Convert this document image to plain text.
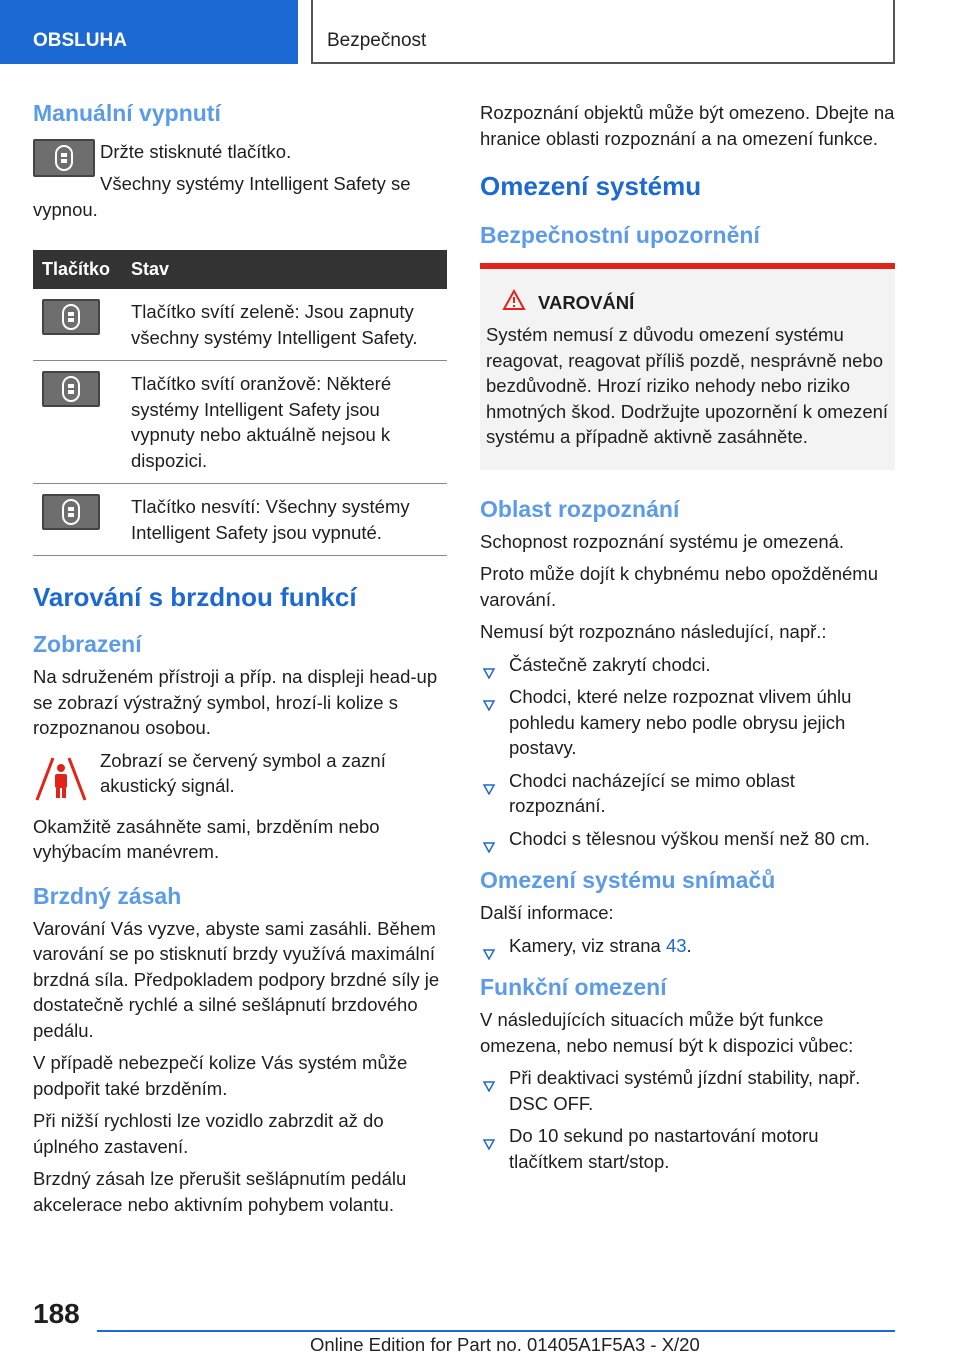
OBSLUHA	Bezpečnost
Manuální vypnutí

Držte stisknuté tlačítko.

Všechny systémy Intelligent Safety se vypnou.

Tlačítko	Stav

	Tlačítko svítí zeleně: Jsou zapnuty všechny systémy Intelligent Safety.

	Tlačítko svítí oranžově: Některé systémy Intelligent Safety jsou vypnuty nebo aktuálně nejsou k dispozici.

	Tlačítko nesvítí: Všechny systémy Intelligent Safety jsou vypnuté.
Varování s brzdnou funkcí
Zobrazení

Na sdruženém přístroji a příp. na displeji head-up se zobrazí výstražný symbol, hrozí-li kolize s rozpoznanou osobou.

Zobrazí se červený symbol a zazní akustický signál.

Okamžitě zasáhněte sami, brzděním nebo vyhýbacím manévrem.

Brzdný zásah

Varování Vás vyzve, abyste sami zasáhli. Během varování se po stisknutí brzdy využívá maximální brzdná síla. Předpokladem podpory brzdné síly je dostatečně rychlé a silné sešlápnutí brzdového pedálu.

V případě nebezpečí kolize Vás systém může podpořit také brzděním.

Při nižší rychlosti lze vozidlo zabrzdit až do úplného zastavení.

Brzdný zásah lze přerušit sešlápnutím pedálu akcelerace nebo aktivním pohybem volantu.

Rozpoznání objektů může být omezeno. Dbejte na hranice oblasti rozpoznání a na omezení funkce.

Omezení systému
Bezpečnostní upozornění
VAROVÁNÍ

Systém nemusí z důvodu omezení systému reagovat, reagovat příliš pozdě, nesprávně nebo bezdůvodně. Hrozí riziko nehody nebo riziko hmotných škod. Dodržujte upozornění k omezení systému a případně aktivně zasáhněte.

Oblast rozpoznání

Schopnost rozpoznání systému je omezená.

Proto může dojít k chybnému nebo opožděnému varování.

Nemusí být rozpoznáno následující, např.:

Částečně zakrytí chodci.
Chodci, které nelze rozpoznat vlivem úhlu pohledu kamery nebo podle obrysu jejich postavy.
Chodci nacházející se mimo oblast rozpoznání.
Chodci s tělesnou výškou menší než 80 cm.
Omezení systému snímačů

Další informace:

Kamery, viz strana 43.
Funkční omezení

V následujících situacích může být funkce omezena, nebo nemusí být k dispozici vůbec:

Při deaktivaci systémů jízdní stability, např. DSC OFF.
Do 10 sekund po nastartování motoru tlačítkem start/stop.
188
Online Edition for Part no. 01405A1F5A3 - X/20
